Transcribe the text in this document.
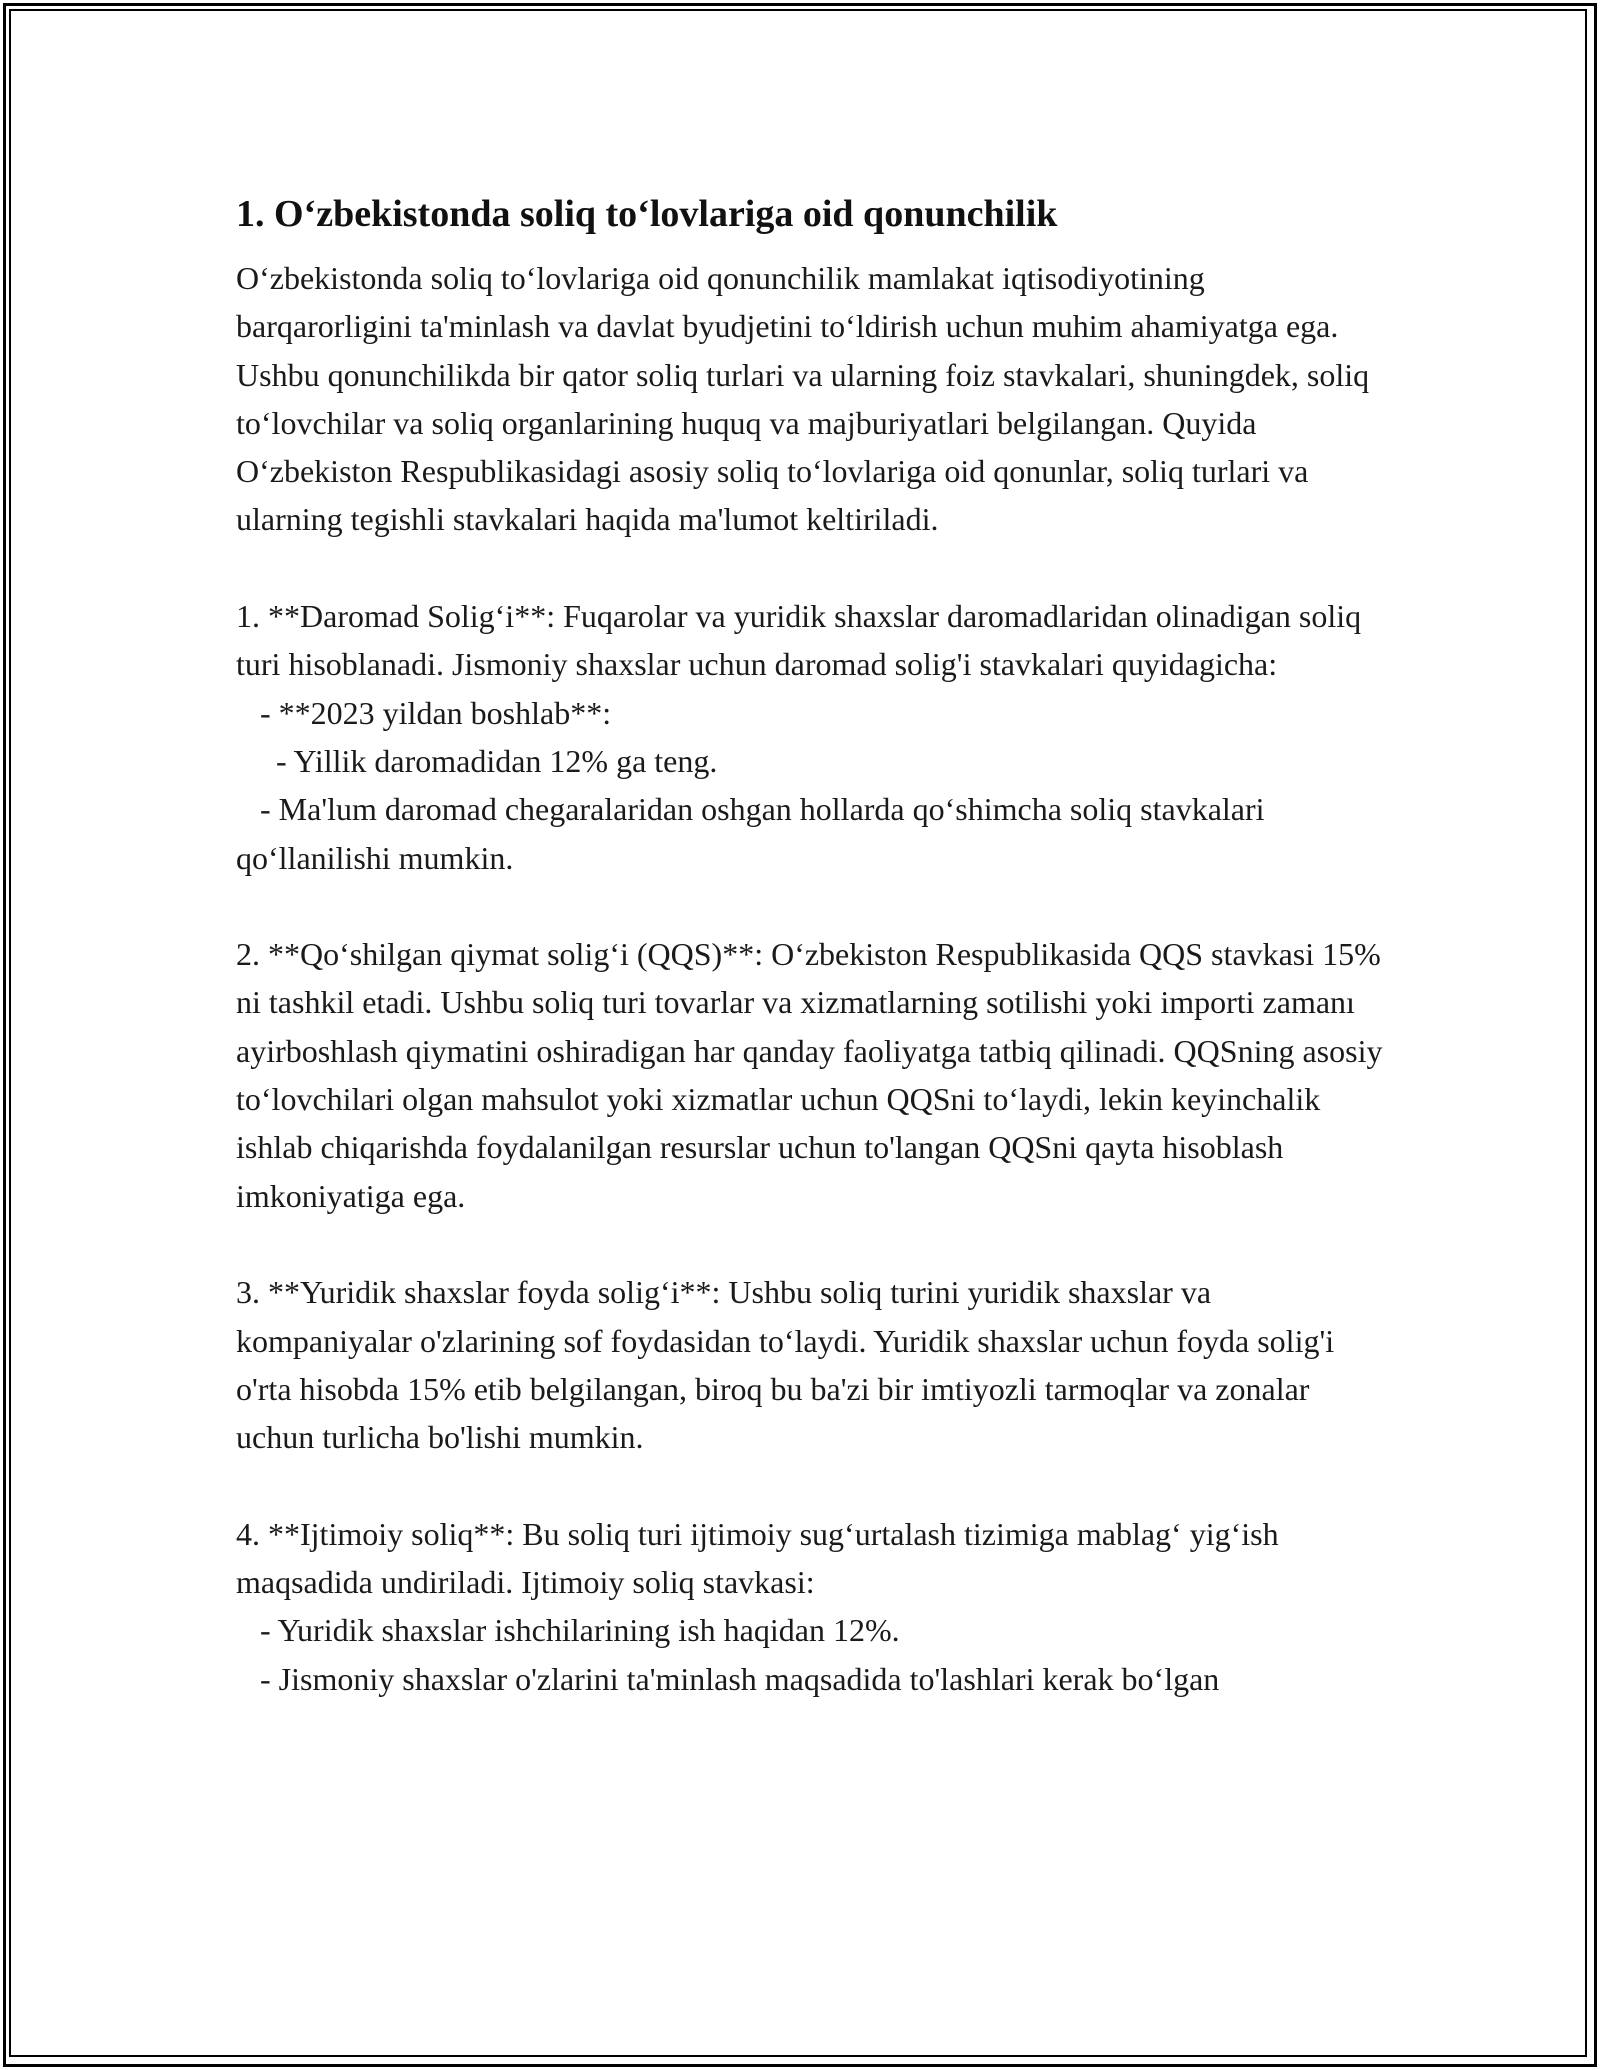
1. O‘zbekistonda soliq to‘lovlariga oid qonunchilik
O‘zbekistonda soliq to‘lovlariga oid qonunchilik mamlakat iqtisodiyotining barqarorligini ta'minlash va davlat byudjetini to‘ldirish uchun muhim ahamiyatga ega. Ushbu qonunchilikda bir qator soliq turlari va ularning foiz stavkalari, shuningdek, soliq to‘lovchilar va soliq organlarining huquq va majburiyatlari belgilangan. Quyida O‘zbekiston Respublikasidagi asosiy soliq to‘lovlariga oid qonunlar, soliq turlari va ularning tegishli stavkalari haqida ma'lumot keltiriladi.

1. **Daromad Solig‘i**: Fuqarolar va yuridik shaxslar daromadlaridan olinadigan soliq turi hisoblanadi. Jismoniy shaxslar uchun daromad solig'i stavkalari quyidagicha:
- **2023 yildan boshlab**:
- Yillik daromadidan 12% ga teng.
- Ma'lum daromad chegaralaridan oshgan hollarda qo‘shimcha soliq stavkalari qo‘llanilishi mumkin.

2. **Qo‘shilgan qiymat solig‘i (QQS)**: O‘zbekiston Respublikasida QQS stavkasi 15% ni tashkil etadi. Ushbu soliq turi tovarlar va xizmatlarning sotilishi yoki importi zamanı ayirboshlash qiymatini oshiradigan har qanday faoliyatga tatbiq qilinadi. QQSning asosiy to‘lovchilari olgan mahsulot yoki xizmatlar uchun QQSni to‘laydi, lekin keyinchalik ishlab chiqarishda foydalanilgan resurslar uchun to'langan QQSni qayta hisoblash imkoniyatiga ega.

3. **Yuridik shaxslar foyda solig‘i**: Ushbu soliq turini yuridik shaxslar va kompaniyalar o'zlarining sof foydasidan to‘laydi. Yuridik shaxslar uchun foyda solig'i o'rta hisobda 15% etib belgilangan, biroq bu ba'zi bir imtiyozli tarmoqlar va zonalar uchun turlicha bo'lishi mumkin.

4. **Ijtimoiy soliq**: Bu soliq turi ijtimoiy sug‘urtalash tizimiga mablag‘ yig‘ish maqsadida undiriladi. Ijtimoiy soliq stavkasi:
- Yuridik shaxslar ishchilarining ish haqidan 12%.
- Jismoniy shaxslar o'zlarini ta'minlash maqsadida to'lashlari kerak bo‘lgan
